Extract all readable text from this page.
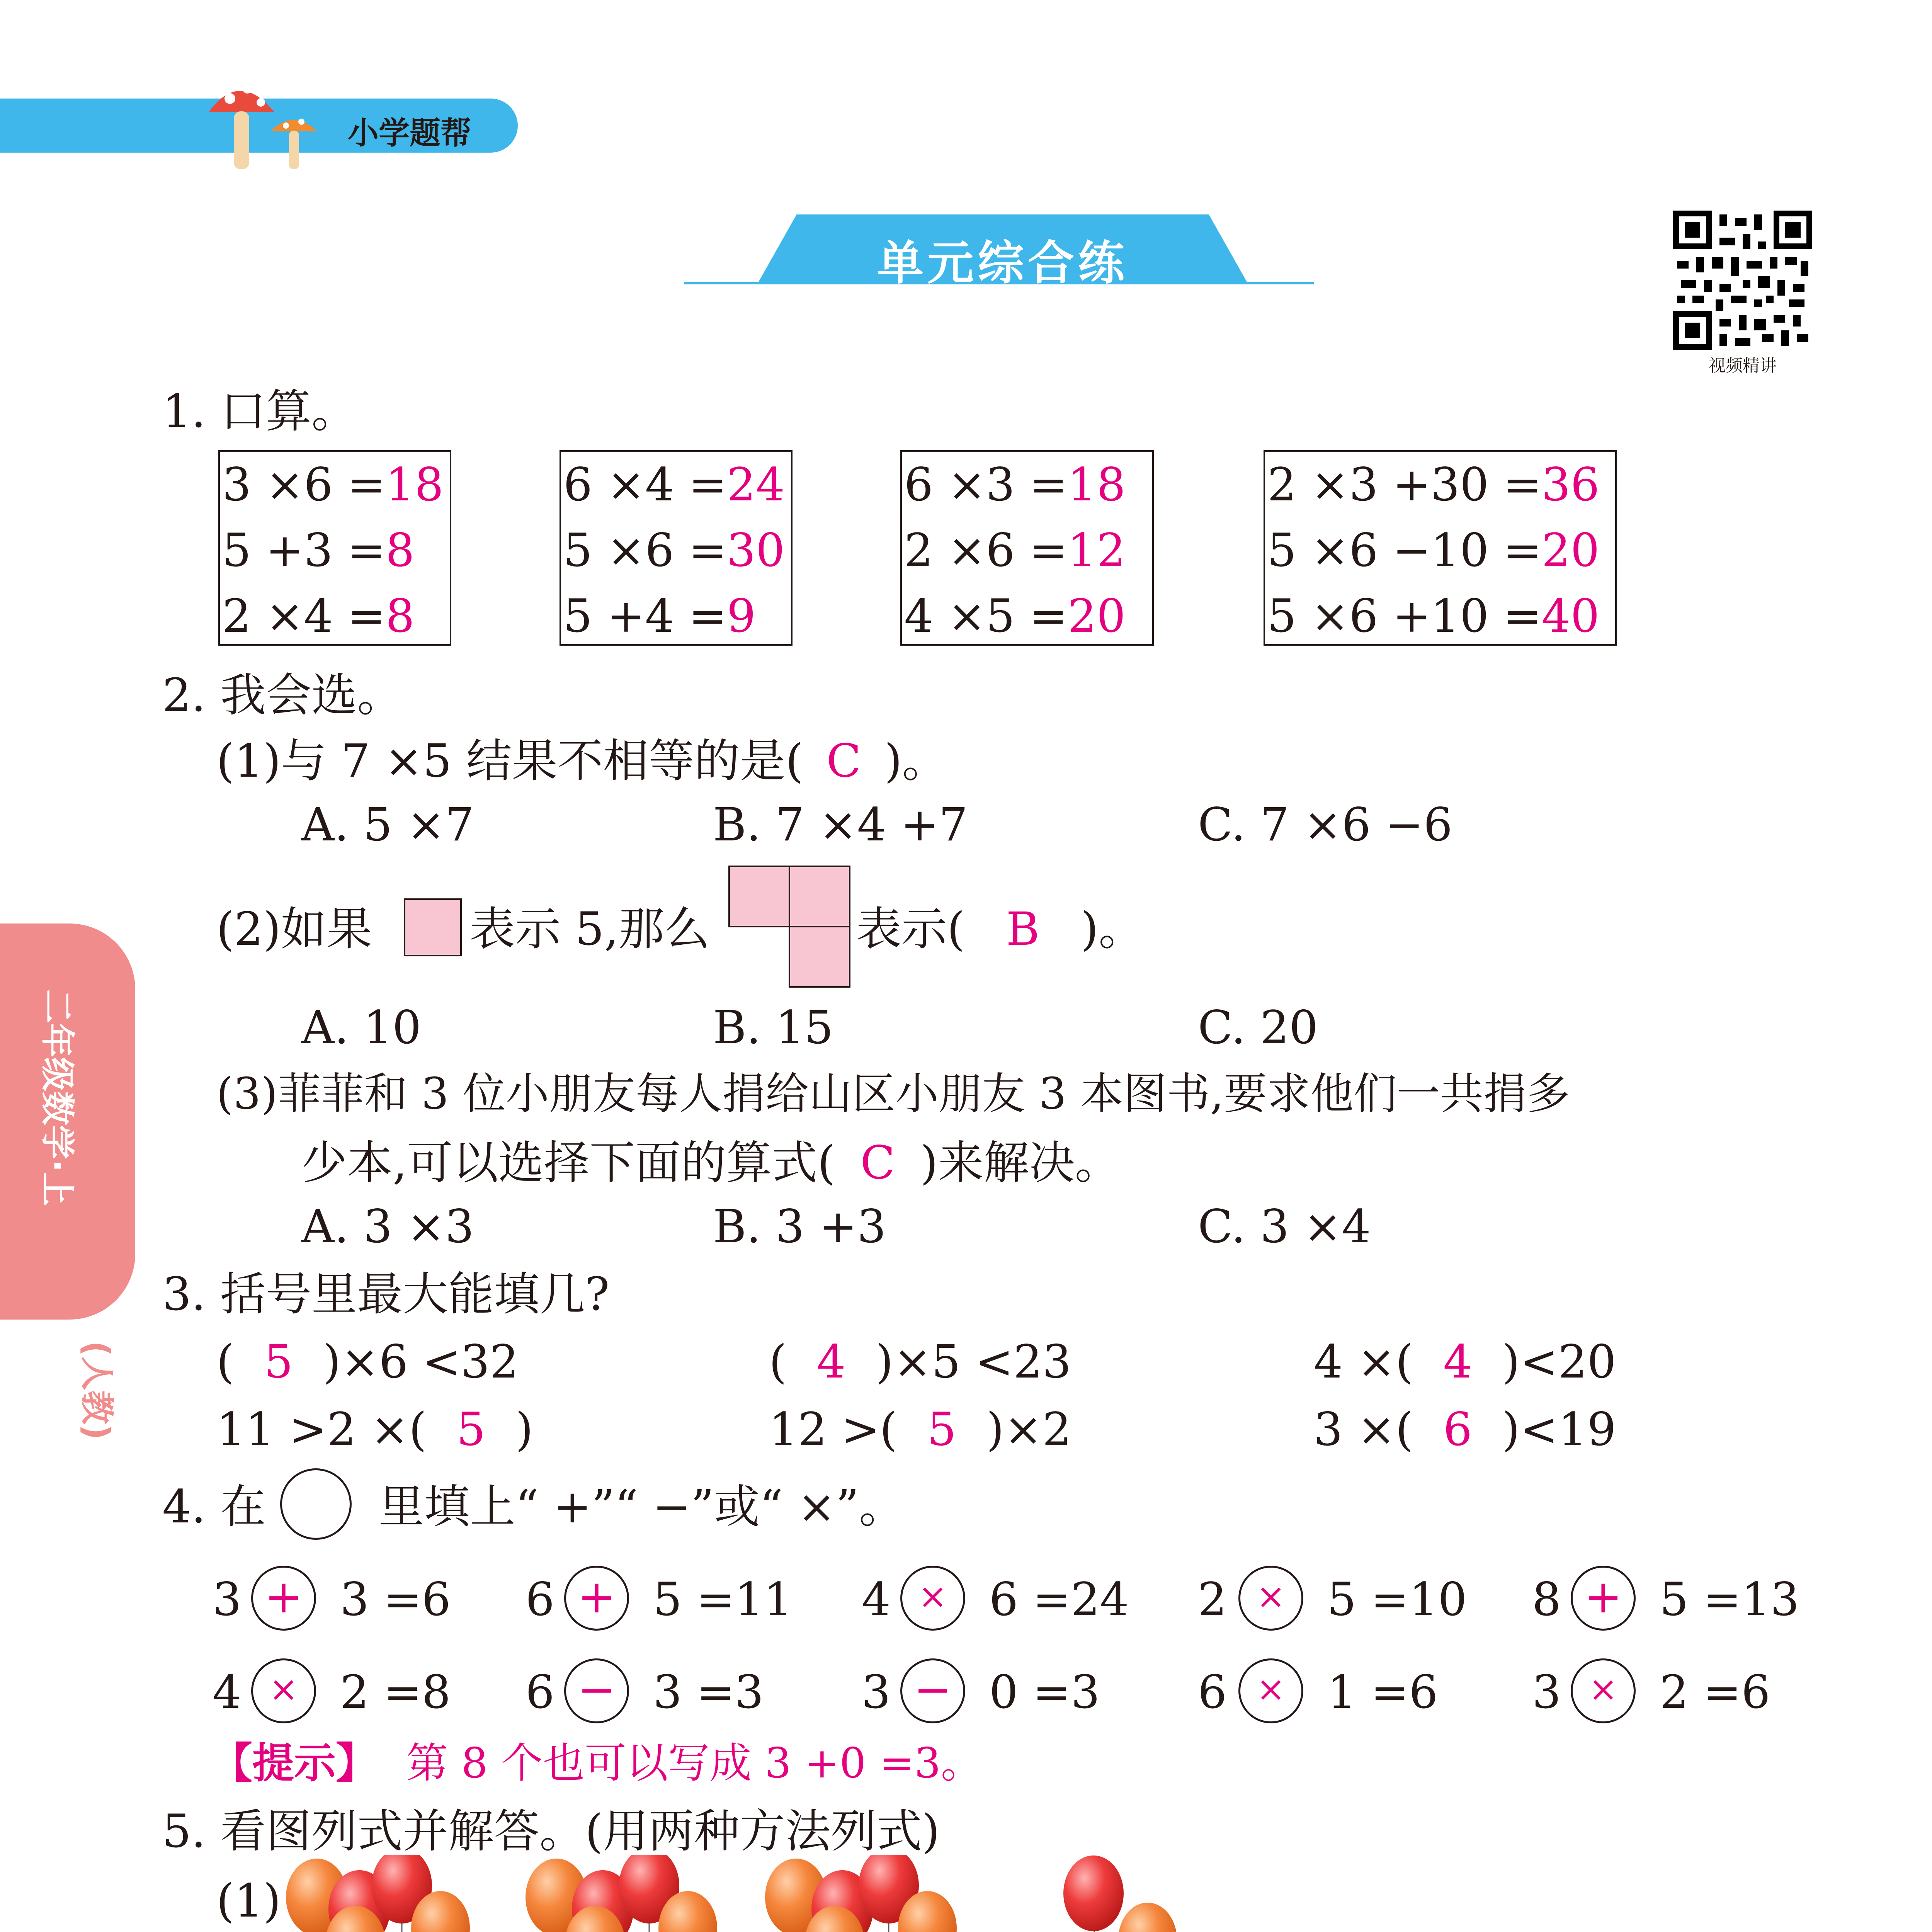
小学题帮
单元综合练
视频精讲
二年级数学·上
(人教)
1. 口算。
3 ×6 =18
5 +3 =8
2 ×4 =8
6 ×4 =24
5 ×6 =30
5 +4 =9
6 ×3 =18
2 ×6 =12
4 ×5 =20
2 ×3 +30 =36
5 ×6 −10 =20
5 ×6 +10 =40
2. 我会选。
(1)与 7 ×5 结果不相等的是( C )。
A. 5 ×7	B. 7 ×4 +7	C. 7 ×6 −6
(2)如果 表示 5,那么	表示( B )。
A. 10	B. 15	C. 20
(3)菲菲和 3 位小朋友每人捐给山区小朋友 3 本图书,要求他们一共捐多
少本,可以选择下面的算式( C )来解决。
A. 3 ×3	B. 3 +3	C. 3 ×4
3. 括号里最大能填几?
( 5 )×6 <32	( 4 )×5 <23	4 ×( 4 )<20
11 >2 ×( 5 )	12 >( 5 )×2	3 ×( 6 )<19
4. 在 里填上“ +”“ −”或“ ×”。
3 + 3 =6 6 + 5 =11 4 × 6 =24 2 × 5 =10 8 + 5 =13
4 × 2 =8 6 − 3 =3 3 − 0 =3 6 × 1 =6 3 × 2 =6
【提示】 第 8 个也可以写成 3 +0 =3。
5. 看图列式并解答。(用两种方法列式)
(1)
